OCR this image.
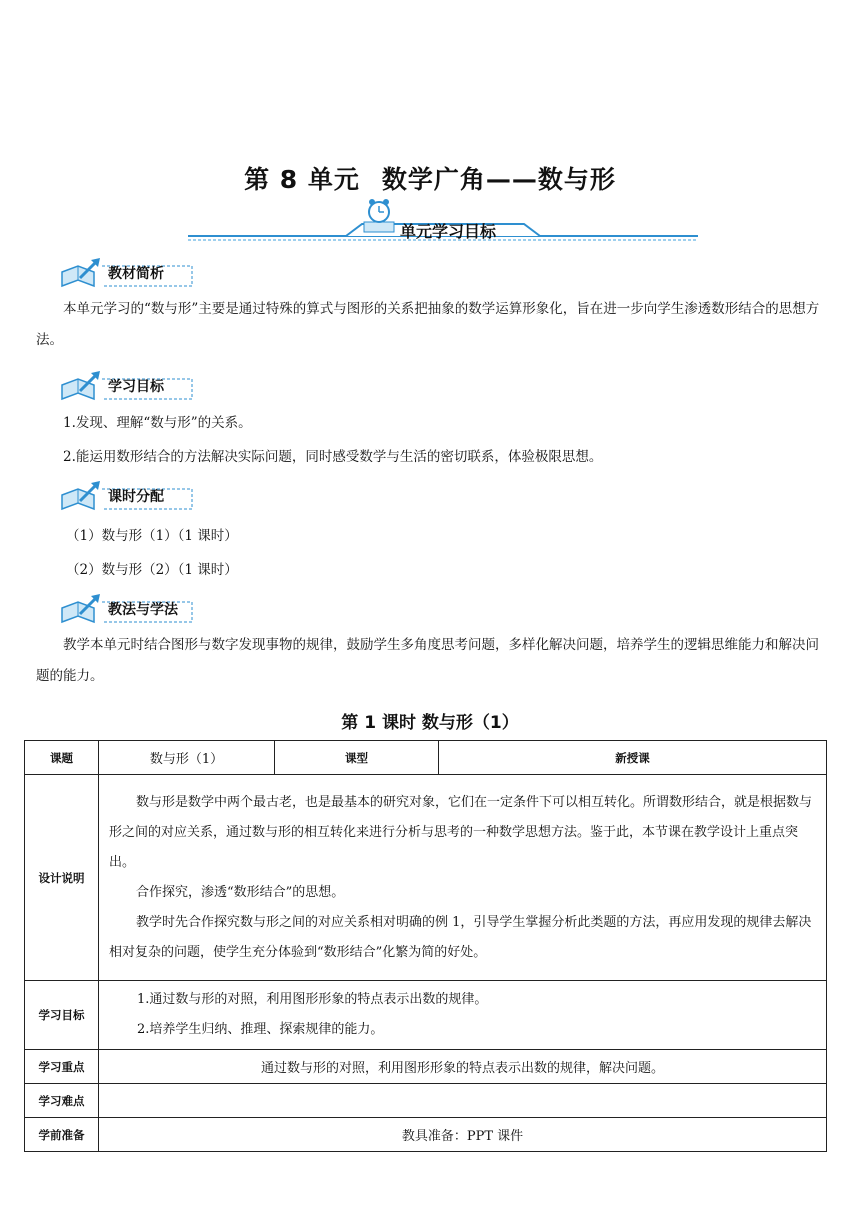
第 8 单元 数学广角——数与形
单元学习目标
教材简析
本单元学习的“数与形”主要是通过特殊的算式与图形的关系把抽象的数学运算形象化，旨在进一步向学生渗透数形结合的思想方法。
学习目标
1.发现、理解“数与形”的关系。
2.能运用数形结合的方法解决实际问题，同时感受数学与生活的密切联系，体验极限思想。
课时分配
（1）数与形（1）（1 课时）
（2）数与形（2）（1 课时）
教法与学法
教学本单元时结合图形与数字发现事物的规律，鼓励学生多角度思考问题，多样化解决问题，培养学生的逻辑思维能力和解决问题的能力。
第 1 课时 数与形（1）
课题	数与形（1）	课型	新授课
设计说明	数与形是数学中两个最古老，也是最基本的研究对象，它们在一定条件下可以相互转化。所谓数形结合，就是根据数与形之间的对应关系，通过数与形的相互转化来进行分析与思考的一种数学思想方法。鉴于此，本节课在教学设计上重点突出。

合作探究，渗透“数形结合”的思想。

教学时先合作探究数与形之间的对应关系相对明确的例 1，引导学生掌握分析此类题的方法，再应用发现的规律去解决相对复杂的问题，使学生充分体验到“数形结合”化繁为简的好处。		

学习目标	1.通过数与形的对照，利用图形形象的特点表示出数的规律。

2.培养学生归纳、推理、探索规律的能力。		

学习重点	通过数与形的对照，利用图形形象的特点表示出数的规律，解决问题。		
学习难点			
学前准备	教具准备：PPT 课件		
